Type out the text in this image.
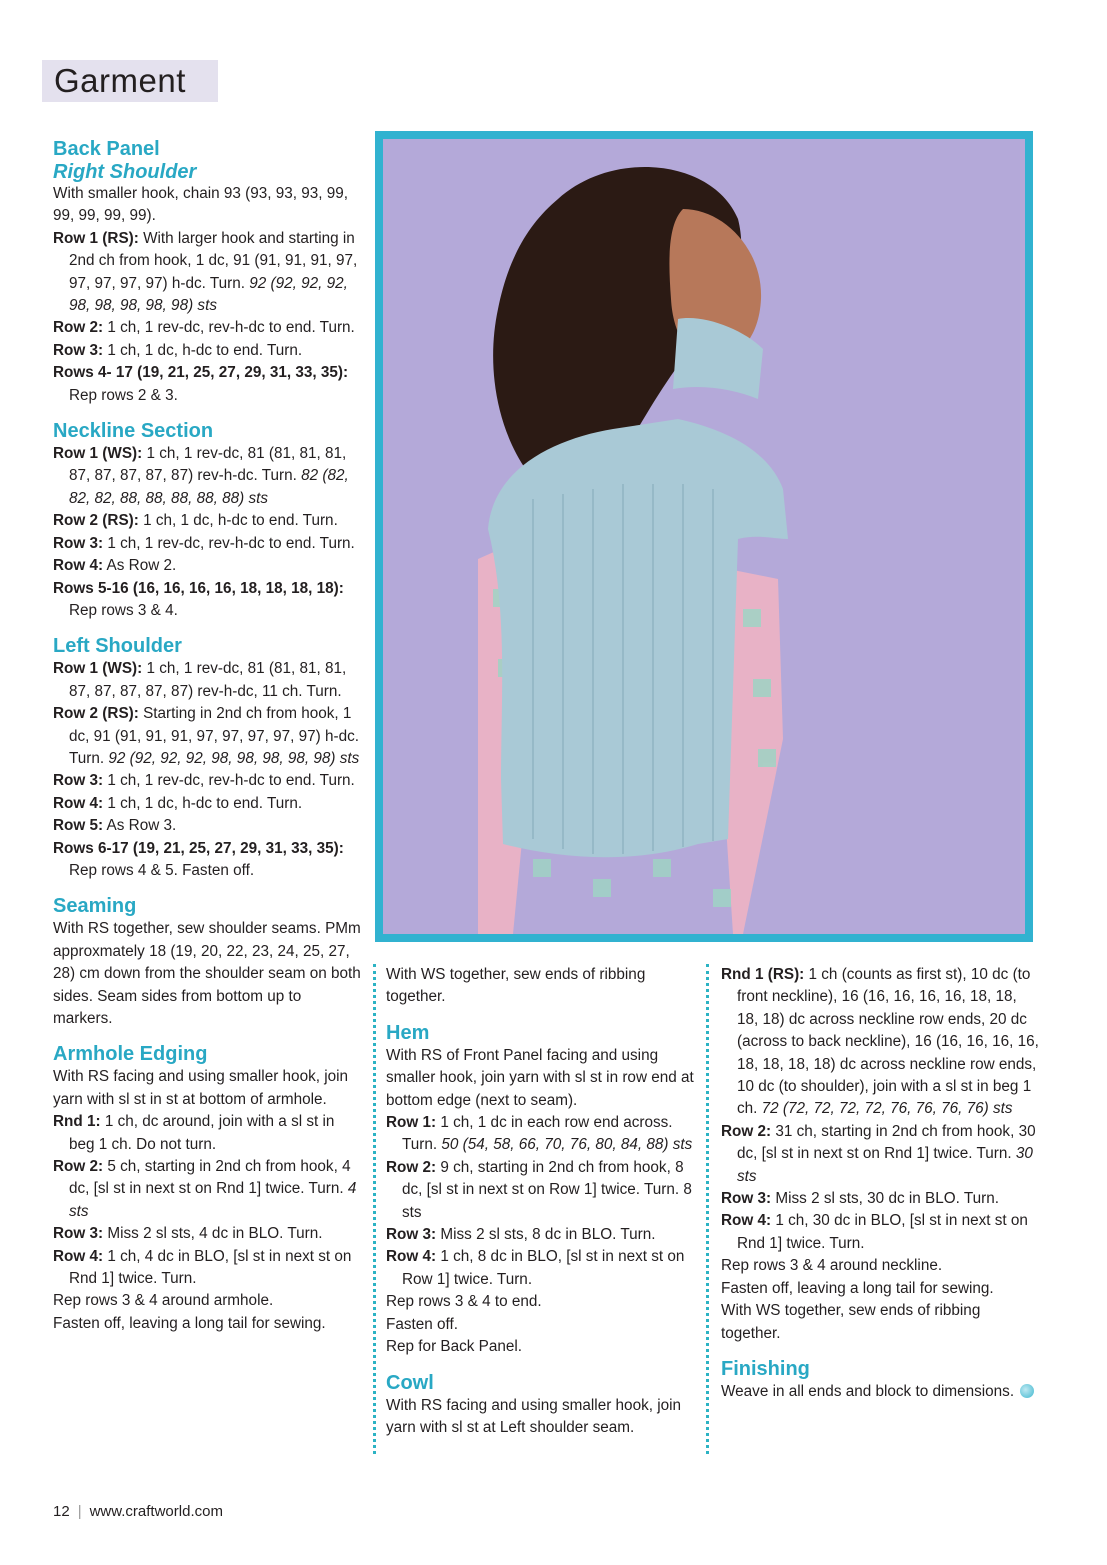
Garment
Back Panel
Right Shoulder

With smaller hook, chain 93 (93, 93, 93, 99, 99, 99, 99, 99).

Row 1 (RS): With larger hook and starting in 2nd ch from hook, 1 dc, 91 (91, 91, 91, 97, 97, 97, 97, 97) h-dc. Turn. 92 (92, 92, 92, 98, 98, 98, 98, 98) sts

Row 2: 1 ch, 1 rev-dc, rev-h-dc to end. Turn.

Row 3: 1 ch, 1 dc, h-dc to end. Turn.

Rows 4- 17 (19, 21, 25, 27, 29, 31, 33, 35): Rep rows 2 & 3.

Neckline Section

Row 1 (WS): 1 ch, 1 rev-dc, 81 (81, 81, 81, 87, 87, 87, 87, 87) rev-h-dc. Turn. 82 (82, 82, 82, 88, 88, 88, 88, 88) sts

Row 2 (RS): 1 ch, 1 dc, h-dc to end. Turn.

Row 3: 1 ch, 1 rev-dc, rev-h-dc to end. Turn.

Row 4: As Row 2.

Rows 5-16 (16, 16, 16, 16, 18, 18, 18, 18): Rep rows 3 & 4.

Left Shoulder

Row 1 (WS): 1 ch, 1 rev-dc, 81 (81, 81, 81, 87, 87, 87, 87, 87) rev-h-dc, 11 ch. Turn.

Row 2 (RS): Starting in 2nd ch from hook, 1 dc, 91 (91, 91, 91, 97, 97, 97, 97, 97) h-dc. Turn. 92 (92, 92, 92, 98, 98, 98, 98, 98) sts

Row 3: 1 ch, 1 rev-dc, rev-h-dc to end. Turn.

Row 4: 1 ch, 1 dc, h-dc to end. Turn.

Row 5: As Row 3.

Rows 6-17 (19, 21, 25, 27, 29, 31, 33, 35): Rep rows 4 & 5. Fasten off.

Seaming

With RS together, sew shoulder seams. PMm approxmately 18 (19, 20, 22, 23, 24, 25, 27, 28) cm down from the shoulder seam on both sides. Seam sides from bottom up to markers.

Armhole Edging

With RS facing and using smaller hook, join yarn with sl st in st at bottom of armhole.

Rnd 1: 1 ch, dc around, join with a sl st in beg 1 ch. Do not turn.

Row 2: 5 ch, starting in 2nd ch from hook, 4 dc, [sl st in next st on Rnd 1] twice. Turn. 4 sts

Row 3: Miss 2 sl sts, 4 dc in BLO. Turn.

Row 4: 1 ch, 4 dc in BLO, [sl st in next st on Rnd 1] twice. Turn.

Rep rows 3 & 4 around armhole.

Fasten off, leaving a long tail for sewing.

With WS together, sew ends of ribbing together.

Hem

With RS of Front Panel facing and using smaller hook, join yarn with sl st in row end at bottom edge (next to seam).

Row 1: 1 ch, 1 dc in each row end across. Turn. 50 (54, 58, 66, 70, 76, 80, 84, 88) sts

Row 2: 9 ch, starting in 2nd ch from hook, 8 dc, [sl st in next st on Row 1] twice. Turn. 8 sts

Row 3: Miss 2 sl sts, 8 dc in BLO. Turn.

Row 4: 1 ch, 8 dc in BLO, [sl st in next st on Row 1] twice. Turn.

Rep rows 3 & 4 to end.

Fasten off.

Rep for Back Panel.

Cowl

With RS facing and using smaller hook, join yarn with sl st at Left shoulder seam.

Rnd 1 (RS): 1 ch (counts as first st), 10 dc (to front neckline), 16 (16, 16, 16, 16, 18, 18, 18, 18) dc across neckline row ends, 20 dc (across to back neckline), 16 (16, 16, 16, 16, 18, 18, 18, 18) dc across neckline row ends, 10 dc (to shoulder), join with a sl st in beg 1 ch. 72 (72, 72, 72, 72, 76, 76, 76, 76) sts

Row 2: 31 ch, starting in 2nd ch from hook, 30 dc, [sl st in next st on Rnd 1] twice. Turn. 30 sts

Row 3: Miss 2 sl sts, 30 dc in BLO. Turn.

Row 4: 1 ch, 30 dc in BLO, [sl st in next st on Rnd 1] twice. Turn.

Rep rows 3 & 4 around neckline.

Fasten off, leaving a long tail for sewing.

With WS together, sew ends of ribbing together.

Finishing

Weave in all ends and block to dimensions.

12 | www.craftworld.com
